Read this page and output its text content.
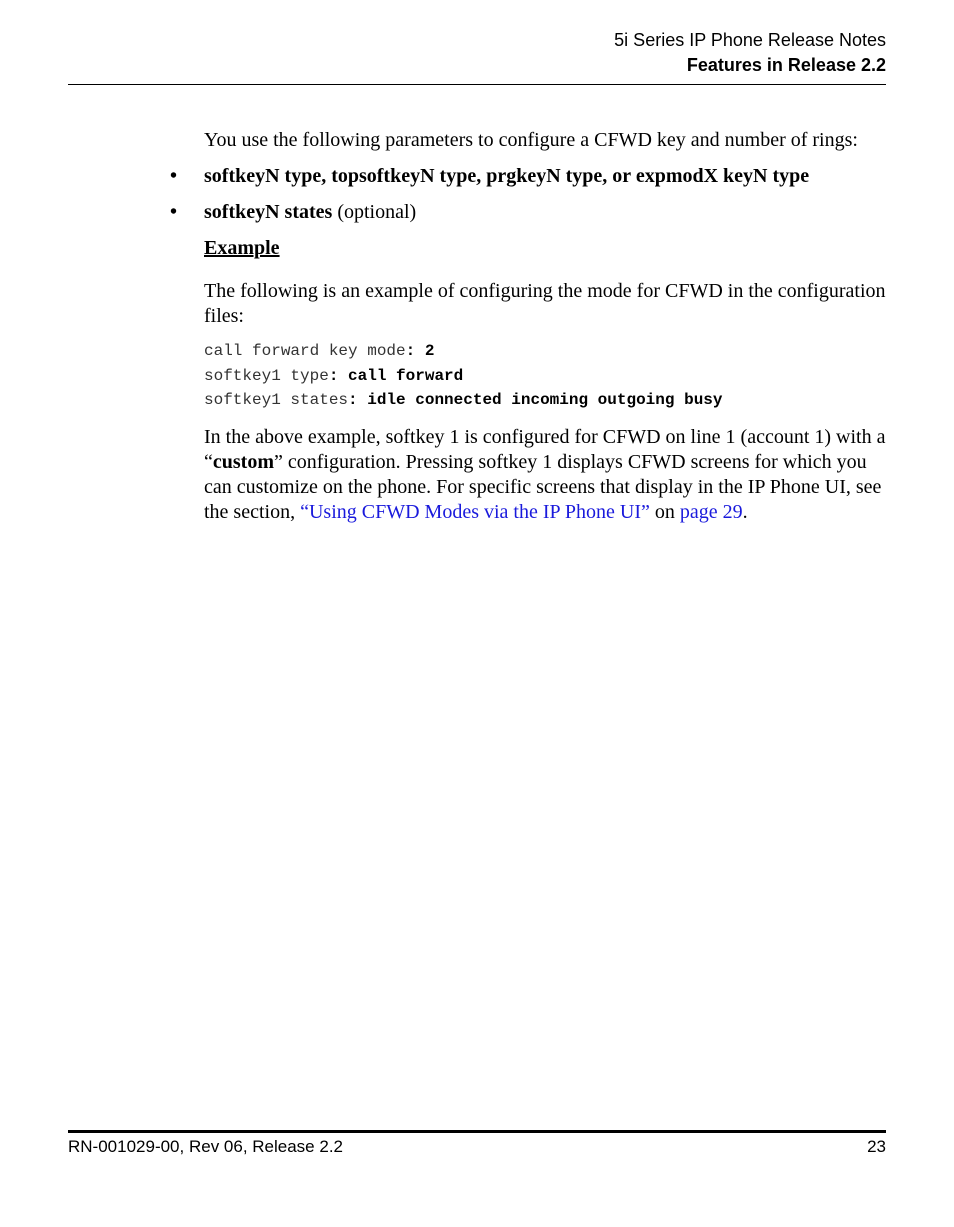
5i Series IP Phone Release Notes
Features in Release 2.2

You use the following parameters to configure a CFWD key and number of rings:

• softkeyN type, topsoftkeyN type, prgkeyN type, or expmodX keyN type
• softkeyN states (optional)

Example

The following is an example of configuring the mode for CFWD in the configuration files:

call forward key mode: 2
softkey1 type: call forward
softkey1 states: idle connected incoming outgoing busy

In the above example, softkey 1 is configured for CFWD on line 1 (account 1) with a “custom” configuration. Pressing softkey 1 displays CFWD screens for which you can customize on the phone. For specific screens that display in the IP Phone UI, see the section, “Using CFWD Modes via the IP Phone UI” on page 29.

RN-001029-00, Rev 06, Release 2.2	23
